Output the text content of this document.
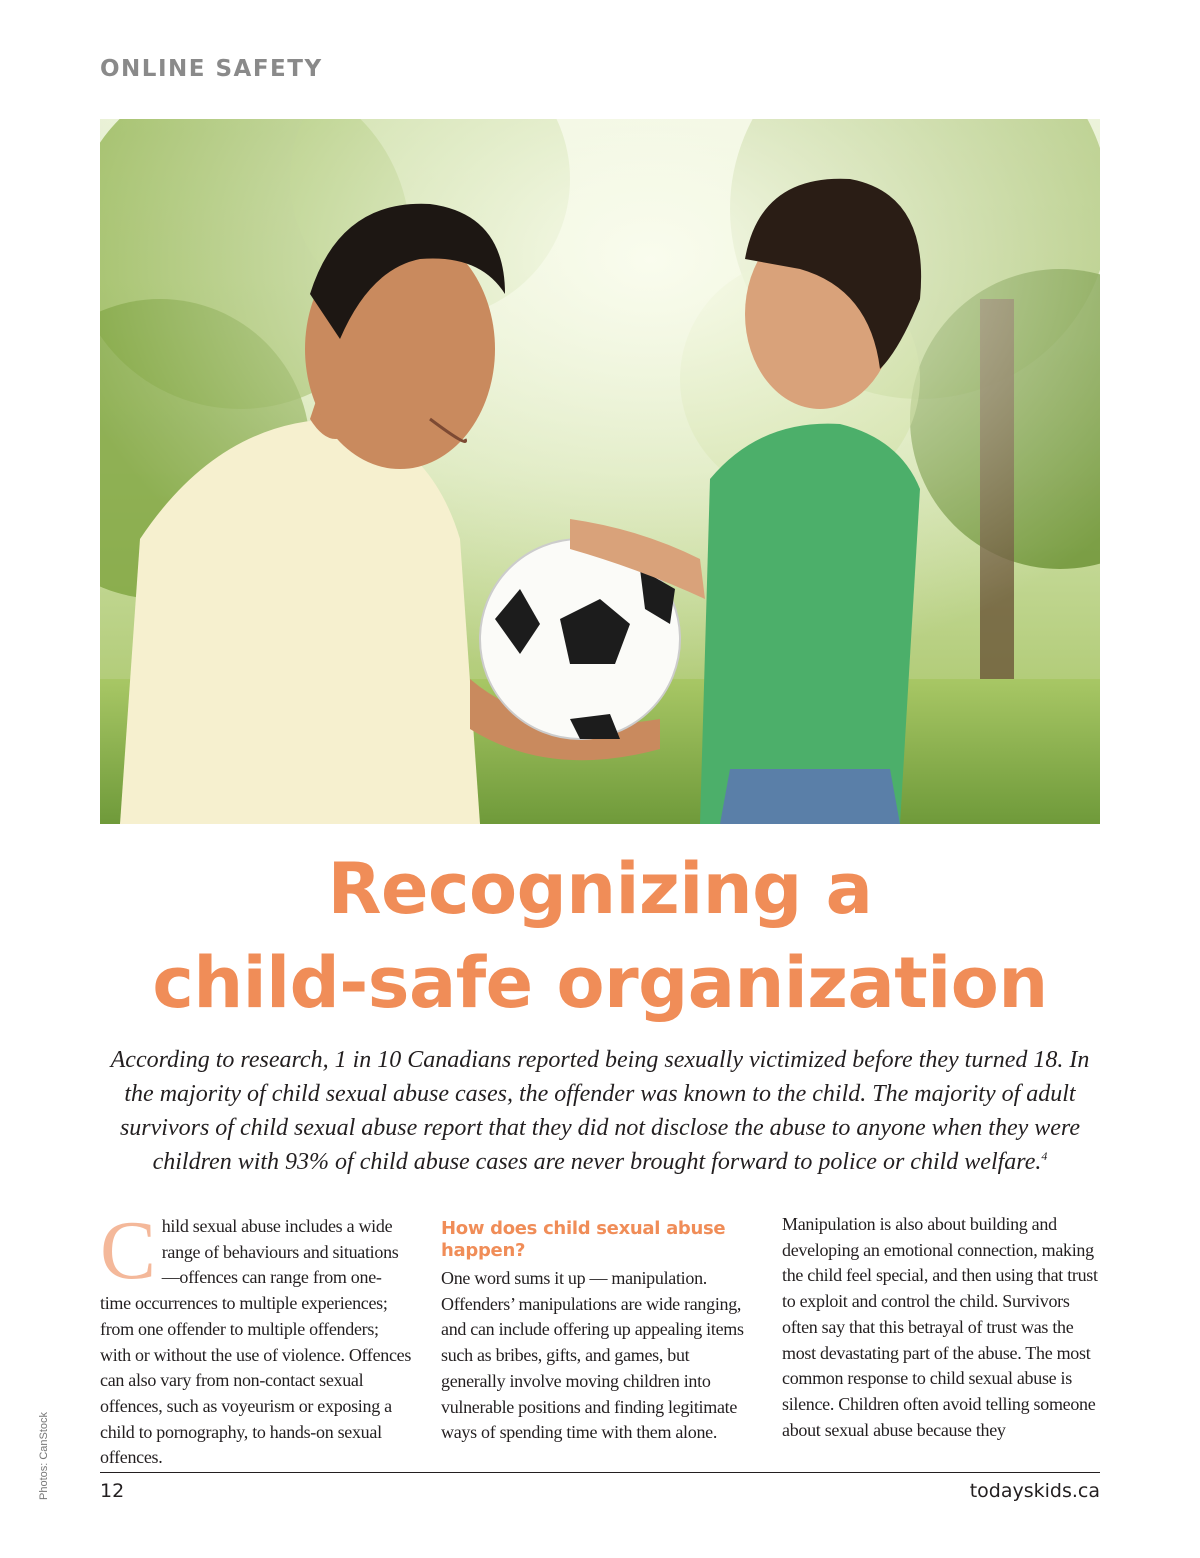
ONLINE SAFETY
Recognizing a
child-safe organization

According to research, 1 in 10 Canadians reported being sexually victimized before they turned 18. In the majority of child sexual abuse cases, the offender was known to the child. The majority of adult survivors of child sexual abuse report that they did not disclose the abuse to anyone when they were children with 93% of child abuse cases are never brought forward to police or child welfare.$^4$

C hild sexual abuse includes a wide range of behaviours and situations—offences can range from one-time occurrences to multiple experiences; from one offender to multiple offenders; with or without the use of violence. Offences can also vary from non-contact sexual offences, such as voyeurism or exposing a child to pornography, to hands-on sexual offences.
How does child sexual abuse happen?
One word sums it up — manipulation. Offenders’ manipulations are wide ranging, and can include offering up appealing items such as bribes, gifts, and games, but generally involve moving children into vulnerable positions and finding legitimate ways of spending time with them alone.
Manipulation is also about building and developing an emotional connection, making the child feel special, and then using that trust to exploit and control the child. Survivors often say that this betrayal of trust was the most devastating part of the abuse. The most common response to child sexual abuse is silence. Children often avoid telling someone about sexual abuse because they
Photos: CanStock	12	todayskids.ca
